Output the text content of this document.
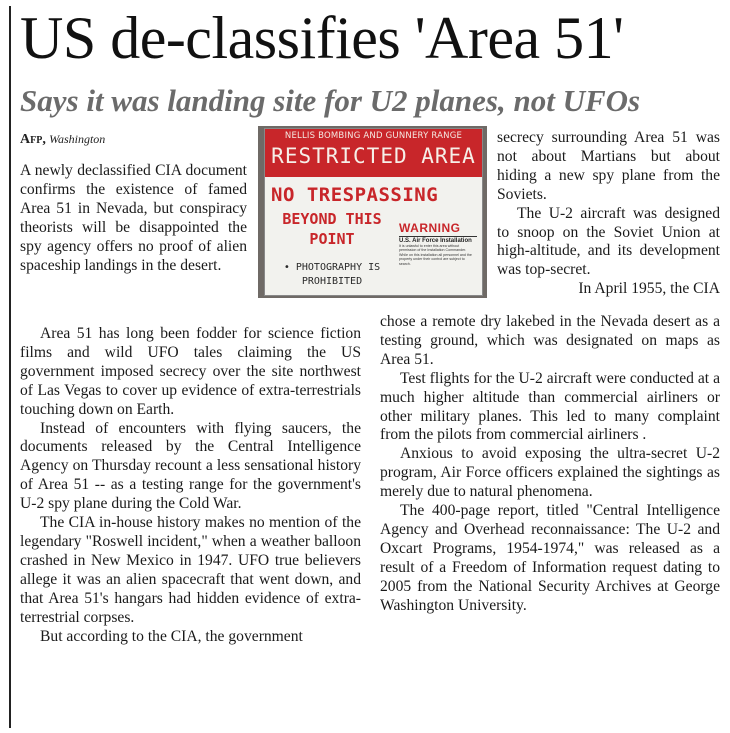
US de-classifies 'Area 51'
Says it was landing site for U2 planes, not UFOs
Afp, Washington

A newly declassified CIA document confirms the existence of famed Area 51 in Nevada, but conspiracy theorists will be disappointed the spy agency offers no proof of alien spaceship landings in the desert.

Area 51 has long been fodder for science fiction films and wild UFO tales claiming the US government imposed secrecy over the site northwest of Las Vegas to cover up evidence of extra-terrestrials touching down on Earth.

Instead of encounters with flying saucers, the documents released by the Central Intelligence Agency on Thursday recount a less sensational history of Area 51 -- as a testing range for the government's U-2 spy plane during the Cold War.

The CIA in-house history makes no mention of the legendary "Roswell incident," when a weather balloon crashed in New Mexico in 1947. UFO true believers allege it was an alien spacecraft that went down, and that Area 51's hangars had hidden evidence of extra-terrestrial corpses.

But according to the CIA, the government

secrecy surrounding Area 51 was not about Martians but about hiding a new spy plane from the Soviets.

The U-2 aircraft was designed to snoop on the Soviet Union at high-altitude, and its development was top-secret.

In April 1955, the CIA

chose a remote dry lakebed in the Nevada desert as a testing ground, which was designated on maps as Area 51.

Test flights for the U-2 aircraft were conducted at a much higher altitude than commercial airliners or other military planes. This led to many complaint from the pilots from commercial airliners .

Anxious to avoid exposing the ultra-secret U-2 program, Air Force officers explained the sightings as merely due to natural phenomena.

The 400-page report, titled "Central Intelligence Agency and Overhead reconnaissance: The U-2 and Oxcart Programs, 1954-1974," was released as a result of a Freedom of Information request dating to 2005 from the National Security Archives at George Washington University.

NELLIS BOMBING AND GUNNERY RANGE
RESTRICTED AREA
NO TRESPASSING
BEYOND THIS POINT
• PHOTOGRAPHY IS PROHIBITED
WARNING
U.S. Air Force Installation
It is unlawful to enter this area without permission of the Installation Commander.
While on this installation all personnel and the property under their control are subject to search.
